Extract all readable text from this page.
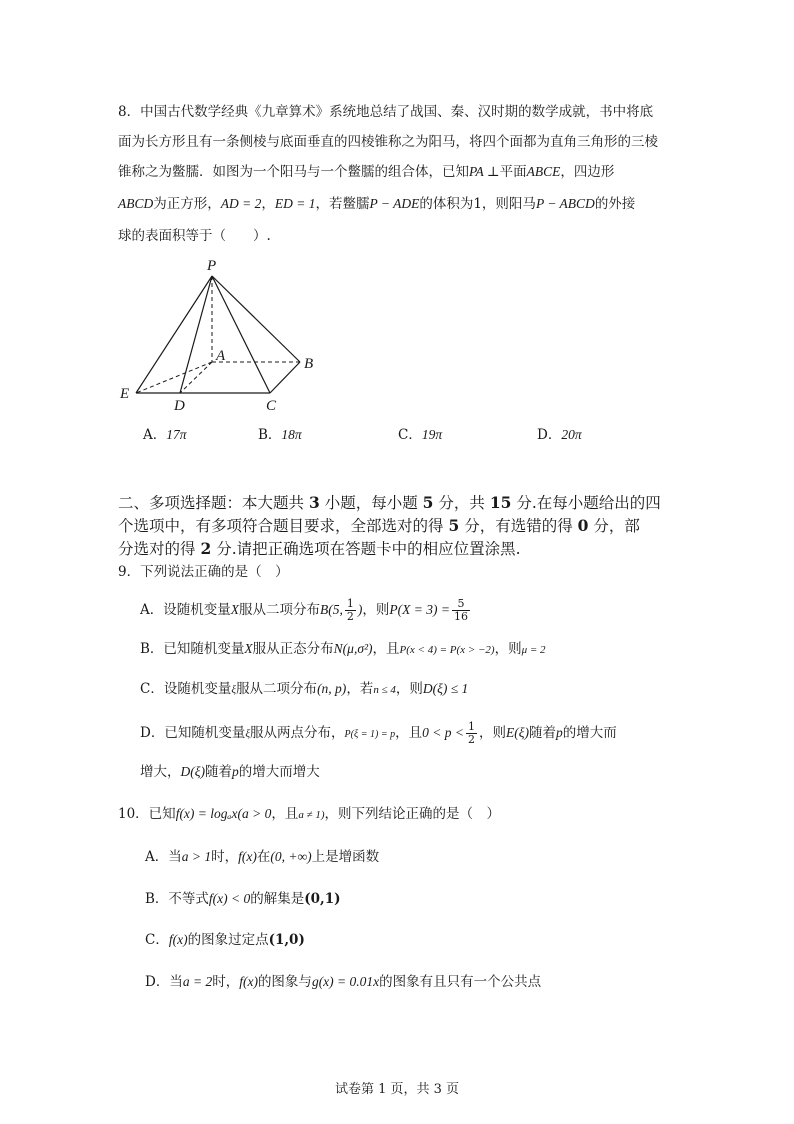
8．中国古代数学经典《九章算术》系统地总结了战国、秦、汉时期的数学成就，书中将底
面为长方形且有一条侧棱与底面垂直的四棱锥称之为阳马，将四个面都为直角三角形的三棱
锥称之为鳖臑．如图为一个阳马与一个鳖臑的组合体，已知PA ⊥平面ABCE，四边形
ABCD为正方形，AD = 2，ED = 1，若鳖臑P − ADE的体积为1，则阳马P − ABCD的外接
球的表面积等于（　　）.
P
A	B
E
D	C
A．17π	B．18π	C．19π	D．20π
二、多项选择题：本大题共 3 小题，每小题 5 分，共 15 分.在每小题给出的四
个选项中，有多项符合题目要求，全部选对的得 5 分，有选错的得 0 分，部
分选对的得 2 分.请把正确选项在答题卡中的相应位置涂黑.
9．下列说法正确的是（　）
A．设随机变量X服从二项分布B(5, $\frac{1}{2}$ )，则$P(X = 3) = \frac{5}{16}$
B．已知随机变量X服从正态分布N(μ,σ²)，且P(x < 4) = P(x > −2)，则μ = 2
C．设随机变量ξ服从二项分布(n, p)，若n ≤ 4，则D(ξ) ≤ 1
D．已知随机变量ξ服从两点分布，P(ξ = 1) = p，且$0 < p < \frac{1}{2}$ ，则E(ξ)随着p的增大而
增大，D(ξ)随着p的增大而增大
10．已知f(x) = logₐx(a > 0，且a ≠ 1)，则下列结论正确的是（　）
A．当a > 1时，f(x)在(0, +∞)上是增函数
B．不等式f(x) < 0的解集是(0,1)
C．f(x)的图象过定点(1,0)
D．当a = 2时，f(x)的图象与g(x) = 0.01x的图象有且只有一个公共点
试卷第 1 页，共 3 页
